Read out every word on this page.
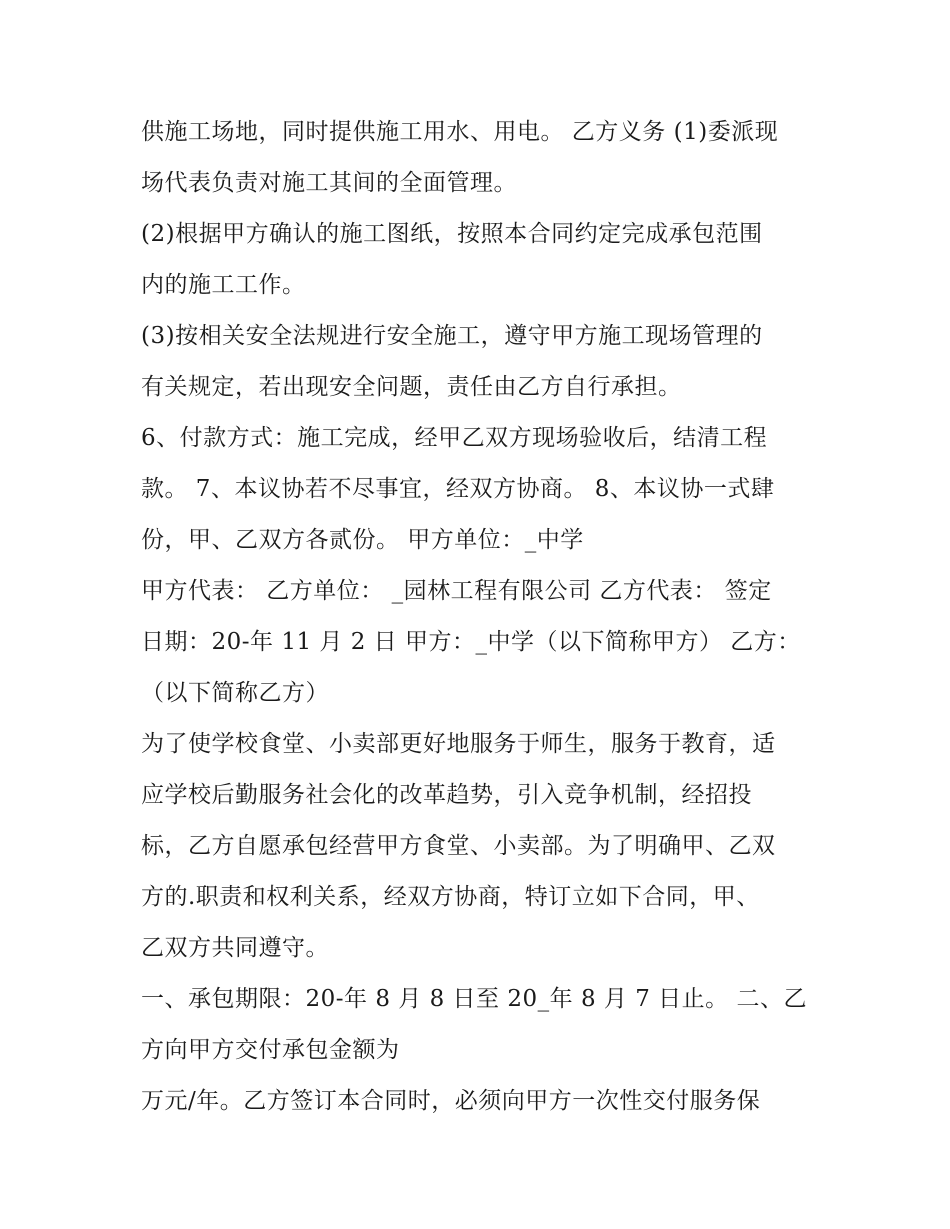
供施工场地，同时提供施工用水、用电。 乙方义务 (1)委派现
场代表负责对施工其间的全面管理。
(2)根据甲方确认的施工图纸，按照本合同约定完成承包范围
内的施工工作。
(3)按相关安全法规进行安全施工，遵守甲方施工现场管理的
有关规定，若出现安全问题，责任由乙方自行承担。
6、付款方式：施工完成，经甲乙双方现场验收后，结清工程
款。 7、本议协若不尽事宜，经双方协商。 8、本议协一式肆
份，甲、乙双方各贰份。 甲方单位：_中学
甲方代表： 乙方单位： _园林工程有限公司 乙方代表： 签定
日期：20-年 11 月 2 日 甲方：_中学（以下简称甲方） 乙方：
（以下简称乙方）
为了使学校食堂、小卖部更好地服务于师生，服务于教育，适
应学校后勤服务社会化的改革趋势，引入竞争机制，经招投
标，乙方自愿承包经营甲方食堂、小卖部。为了明确甲、乙双
方的.职责和权利关系，经双方协商，特订立如下合同，甲、
乙双方共同遵守。
一、承包期限：20-年 8 月 8 日至 20_年 8 月 7 日止。 二、乙
方向甲方交付承包金额为
万元/年。乙方签订本合同时，必须向甲方一次性交付服务保
